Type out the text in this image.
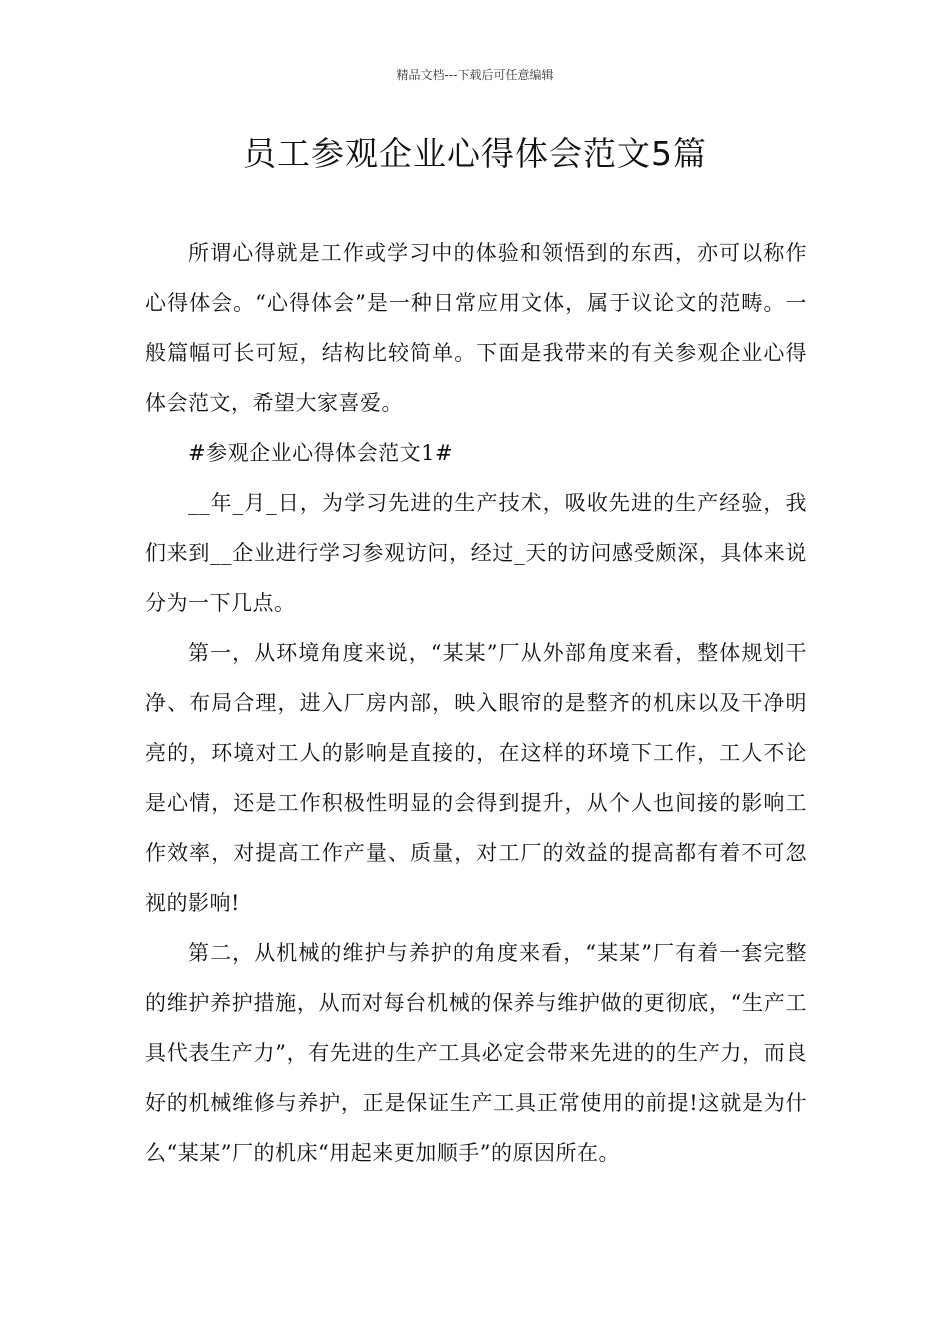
精品文档---下载后可任意编辑
员工参观企业心得体会范文5篇

所谓心得就是工作或学习中的体验和领悟到的东西，亦可以称作心得体会。“心得体会”是一种日常应用文体，属于议论文的范畴。一般篇幅可长可短，结构比较简单。下面是我带来的有关参观企业心得体会范文，希望大家喜爱。

#参观企业心得体会范文1#

__年_月_日，为学习先进的生产技术，吸收先进的生产经验，我们来到__企业进行学习参观访问，经过_天的访问感受颇深，具体来说分为一下几点。

第一，从环境角度来说，“某某”厂从外部角度来看，整体规划干净、布局合理，进入厂房内部，映入眼帘的是整齐的机床以及干净明亮的，环境对工人的影响是直接的，在这样的环境下工作，工人不论是心情，还是工作积极性明显的会得到提升，从个人也间接的影响工作效率，对提高工作产量、质量，对工厂的效益的提高都有着不可忽视的影响!

第二，从机械的维护与养护的角度来看，“某某”厂有着一套完整的维护养护措施，从而对每台机械的保养与维护做的更彻底，“生产工具代表生产力”，有先进的生产工具必定会带来先进的的生产力，而良好的机械维修与养护，正是保证生产工具正常使用的前提!这就是为什么“某某”厂的机床“用起来更加顺手”的原因所在。
